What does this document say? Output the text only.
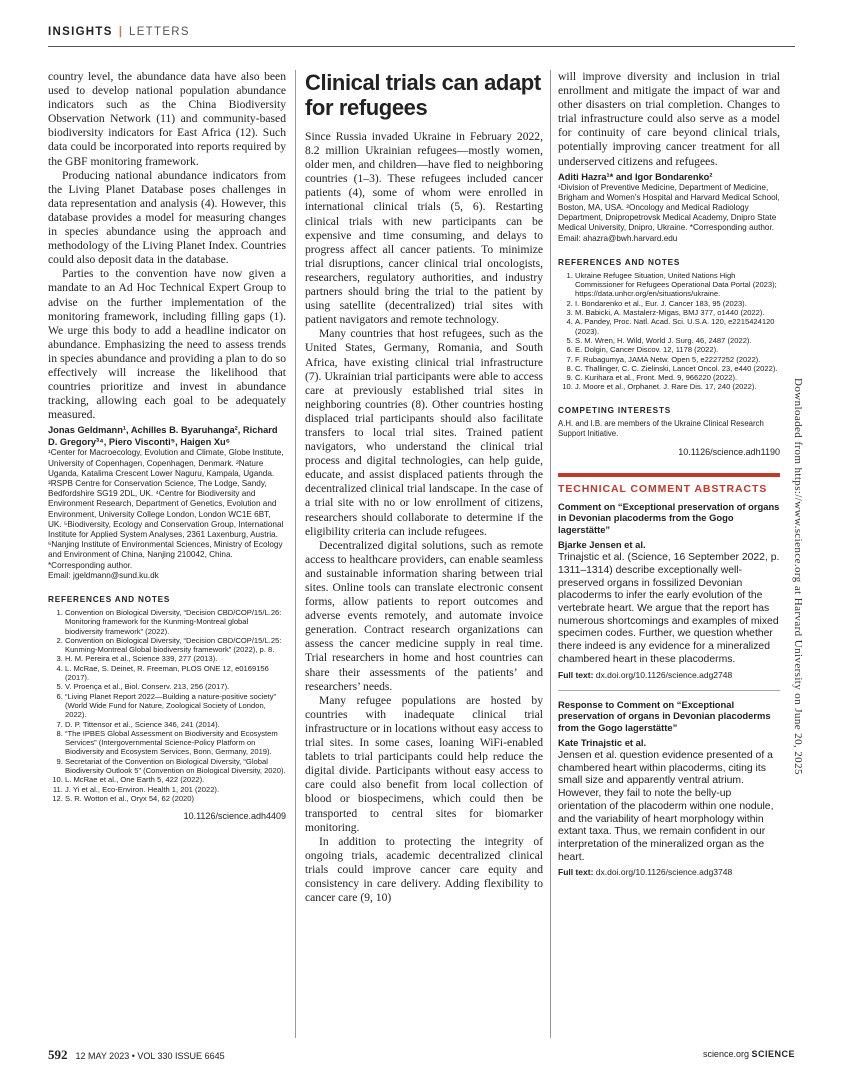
INSIGHTS | LETTERS

country level, the abundance data have also been used to develop national population abundance indicators such as the China Biodiversity Observation Network (11) and community-based biodiversity indicators for East Africa (12). Such data could be incorporated into reports required by the GBF monitoring framework.

Producing national abundance indicators from the Living Planet Database poses challenges in data representation and analysis (4). However, this database provides a model for measuring changes in species abundance using the approach and methodology of the Living Planet Index. Countries could also deposit data in the database.

Parties to the convention have now given a mandate to an Ad Hoc Technical Expert Group to advise on the further implementation of the monitoring framework, including filling gaps (1). We urge this body to add a headline indicator on abundance. Emphasizing the need to assess trends in species abundance and providing a plan to do so effectively will increase the likelihood that countries prioritize and invest in abundance tracking, allowing each goal to be adequately measured.

Jonas Geldmann¹, Achilles B. Byaruhanga², Richard D. Gregory³⁴, Piero Visconti⁵, Haigen Xu⁶

¹Center for Macroecology, Evolution and Climate, Globe Institute, University of Copenhagen, Copenhagen, Denmark. ²Nature Uganda, Katalima Crescent Lower Naguru, Kampala, Uganda. ³RSPB Centre for Conservation Science, The Lodge, Sandy, Bedfordshire SG19 2DL, UK. ⁴Centre for Biodiversity and Environment Research, Department of Genetics, Evolution and Environment, University College London, London WC1E 6BT, UK. ⁵Biodiversity, Ecology and Conservation Group, International Institute for Applied System Analyses, 2361 Laxenburg, Austria. ⁶Nanjing Institute of Environmental Sciences, Ministry of Ecology and Environment of China, Nanjing 210042, China. *Corresponding author.

Email: jgeldmann@sund.ku.dk

REFERENCES AND NOTES
1. Convention on Biological Diversity, “Decision CBD/COP/15/L.26: Monitoring framework for the Kunming-Montreal global biodiversity framework” (2022).
2. Convention on Biological Diversity, “Decision CBD/COP/15/L.25: Kunming-Montreal Global biodiversity framework” (2022), p. 8.
3. H. M. Pereira et al., Science 339, 277 (2013).
4. L. McRae, S. Deinet, R. Freeman, PLOS ONE 12, e0169156 (2017).
5. V. Proença et al., Biol. Conserv. 213, 256 (2017).
6. “Living Planet Report 2022—Building a nature-positive society” (World Wide Fund for Nature, Zoological Society of London, 2022).
7. D. P. Tittensor et al., Science 346, 241 (2014).
8. “The IPBES Global Assessment on Biodiversity and Ecosystem Services” (Intergovernmental Science-Policy Platform on Biodiversity and Ecosystem Services, Bonn, Germany, 2019).
9. Secretariat of the Convention on Biological Diversity, “Global Biodiversity Outlook 5” (Convention on Biological Diversity, 2020).
10. L. McRae et al., One Earth 5, 422 (2022).
11. J. Yi et al., Eco-Environ. Health 1, 201 (2022).
12. S. R. Wotton et al., Oryx 54, 62 (2020)
10.1126/science.adh4409
Clinical trials can adapt for refugees

Since Russia invaded Ukraine in February 2022, 8.2 million Ukrainian refugees—mostly women, older men, and children—have fled to neighboring countries (1–3). These refugees included cancer patients (4), some of whom were enrolled in international clinical trials (5, 6). Restarting clinical trials with new participants can be expensive and time consuming, and delays to progress affect all cancer patients. To minimize trial disruptions, cancer clinical trial oncologists, researchers, regulatory authorities, and industry partners should bring the trial to the patient by using satellite (decentralized) trial sites with patient navigators and remote technology.

Many countries that host refugees, such as the United States, Germany, Romania, and South Africa, have existing clinical trial infrastructure (7). Ukrainian trial participants were able to access care at previously established trial sites in neighboring countries (8). Other countries hosting displaced trial participants should also facilitate transfers to local trial sites. Trained patient navigators, who understand the clinical trial process and digital technologies, can help guide, educate, and assist displaced patients through the decentralized clinical trial landscape. In the case of a trial site with no or low enrollment of citizens, researchers should collaborate to determine if the eligibility criteria can include refugees.

Decentralized digital solutions, such as remote access to healthcare providers, can enable seamless and sustainable information sharing between trial sites. Online tools can translate electronic consent forms, allow patients to report outcomes and adverse events remotely, and automate invoice generation. Contract research organizations can assess the cancer medicine supply in real time. Trial researchers in home and host countries can share their assessments of the patients’ and researchers’ needs.

Many refugee populations are hosted by countries with inadequate clinical trial infrastructure or in locations without easy access to trial sites. In some cases, loaning WiFi-enabled tablets to trial participants could help reduce the digital divide. Participants without easy access to care could also benefit from local collection of blood or biospecimens, which could then be transported to central sites for biomarker monitoring.

In addition to protecting the integrity of ongoing trials, academic decentralized clinical trials could improve cancer care equity and consistency in care delivery. Adding flexibility to cancer care (9, 10)

will improve diversity and inclusion in trial enrollment and mitigate the impact of war and other disasters on trial completion. Changes to trial infrastructure could also serve as a model for continuity of care beyond clinical trials, potentially improving cancer treatment for all underserved citizens and refugees.

Aditi Hazra¹* and Igor Bondarenko²

¹Division of Preventive Medicine, Department of Medicine, Brigham and Women’s Hospital and Harvard Medical School, Boston, MA, USA. ²Oncology and Medical Radiology Department, Dnipropetrovsk Medical Academy, Dnipro State Medical University, Dnipro, Ukraine. *Corresponding author.

Email: ahazra@bwh.harvard.edu

REFERENCES AND NOTES
1. Ukraine Refugee Situation, United Nations High Commissioner for Refugees Operational Data Portal (2023); https://data.unhcr.org/en/situations/ukraine.
2. I. Bondarenko et al., Eur. J. Cancer 183, 95 (2023).
3. M. Babicki, A. Mastalerz-Migas, BMJ 377, o1440 (2022).
4. A. Pandey, Proc. Natl. Acad. Sci. U.S.A. 120, e2215424120 (2023).
5. S. M. Wren, H. Wild, World J. Surg. 46, 2487 (2022).
6. E. Dolgin, Cancer Discov. 12, 1178 (2022).
7. F. Rubagumya, JAMA Netw. Open 5, e2227252 (2022).
8. C. Thallinger, C. C. Zielinski, Lancet Oncol. 23, e440 (2022).
9. C. Kurihara et al., Front. Med. 9, 966220 (2022).
10. J. Moore et al., Orphanet. J. Rare Dis. 17, 240 (2022).
COMPETING INTERESTS

A.H. and I.B. are members of the Ukraine Clinical Research Support Initiative.

10.1126/science.adh1190
TECHNICAL COMMENT ABSTRACTS

Comment on “Exceptional preservation of organs in Devonian placoderms from the Gogo lagerstätte”

Bjarke Jensen et al.

Trinajstic et al. (Science, 16 September 2022, p. 1311–1314) describe exceptionally well-preserved organs in fossilized Devonian placoderms to infer the early evolution of the vertebrate heart. We argue that the report has numerous shortcomings and examples of mixed specimen codes. Further, we question whether there indeed is any evidence for a mineralized chambered heart in these placoderms.

Full text: dx.doi.org/10.1126/science.adg2748

Response to Comment on “Exceptional preservation of organs in Devonian placoderms from the Gogo lagerstätte”

Kate Trinajstic et al.

Jensen et al. question evidence presented of a chambered heart within placoderms, citing its small size and apparently ventral atrium. However, they fail to note the belly-up orientation of the placoderm within one nodule, and the variability of heart morphology within extant taxa. Thus, we remain confident in our interpretation of the mineralized organ as the heart.

Full text: dx.doi.org/10.1126/science.adg3748

Downloaded from https://www.science.org at Harvard University on June 20, 2025
592 12 MAY 2023 • VOL 330 ISSUE 6645	science.org SCIENCE
